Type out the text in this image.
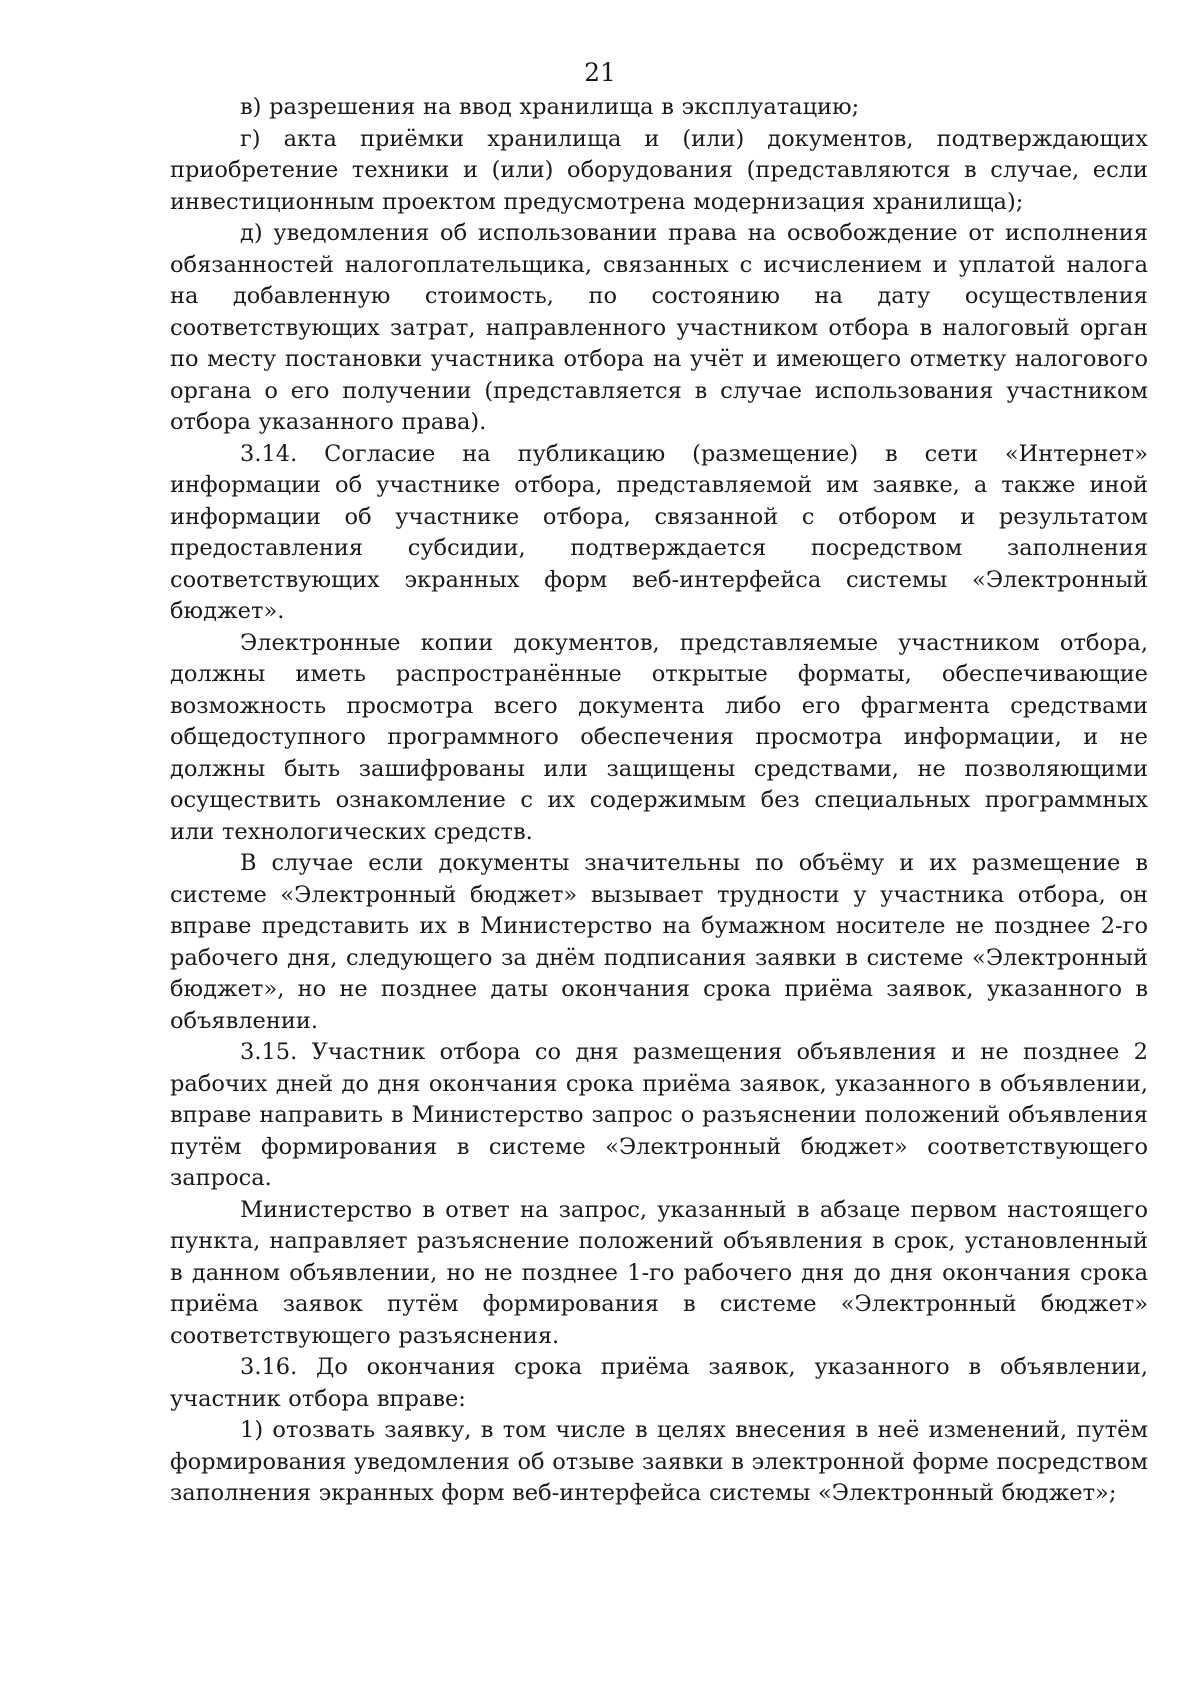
21

в) разрешения на ввод хранилища в эксплуатацию;

г) акта приёмки хранилища и (или) документов, подтверждающих приобретение техники и (или) оборудования (представляются в случае, если инвестиционным проектом предусмотрена модернизация хранилища);

д) уведомления об использовании права на освобождение от исполнения обязанностей налогоплательщика, связанных с исчислением и уплатой налога на добавленную стоимость, по состоянию на дату осуществления соответствующих затрат, направленного участником отбора в налоговый орган по месту постановки участника отбора на учёт и имеющего отметку налогового органа о его получении (представляется в случае использования участником отбора указанного права).

3.14. Согласие на публикацию (размещение) в сети «Интернет» информации об участнике отбора, представляемой им заявке, а также иной информации об участнике отбора, связанной с отбором и результатом предоставления субсидии, подтверждается посредством заполнения соответствующих экранных форм веб-интерфейса системы «Электронный бюджет».

Электронные копии документов, представляемые участником отбора, должны иметь распространённые открытые форматы, обеспечивающие возможность просмотра всего документа либо его фрагмента средствами общедоступного программного обеспечения просмотра информации, и не должны быть зашифрованы или защищены средствами, не позволяющими осуществить ознакомление с их содержимым без специальных программных или технологических средств.

В случае если документы значительны по объёму и их размещение в системе «Электронный бюджет» вызывает трудности у участника отбора, он вправе представить их в Министерство на бумажном носителе не позднее 2-го рабочего дня, следующего за днём подписания заявки в системе «Электронный бюджет», но не позднее даты окончания срока приёма заявок, указанного в объявлении.

3.15. Участник отбора со дня размещения объявления и не позднее 2 рабочих дней до дня окончания срока приёма заявок, указанного в объявлении, вправе направить в Министерство запрос о разъяснении положений объявления путём формирования в системе «Электронный бюджет» соответствующего запроса.

Министерство в ответ на запрос, указанный в абзаце первом настоящего пункта, направляет разъяснение положений объявления в срок, установленный в данном объявлении, но не позднее 1-го рабочего дня до дня окончания срока приёма заявок путём формирования в системе «Электронный бюджет» соответствующего разъяснения.

3.16. До окончания срока приёма заявок, указанного в объявлении, участник отбора вправе:

1) отозвать заявку, в том числе в целях внесения в неё изменений, путём формирования уведомления об отзыве заявки в электронной форме посредством заполнения экранных форм веб-интерфейса системы «Электронный бюджет»;
